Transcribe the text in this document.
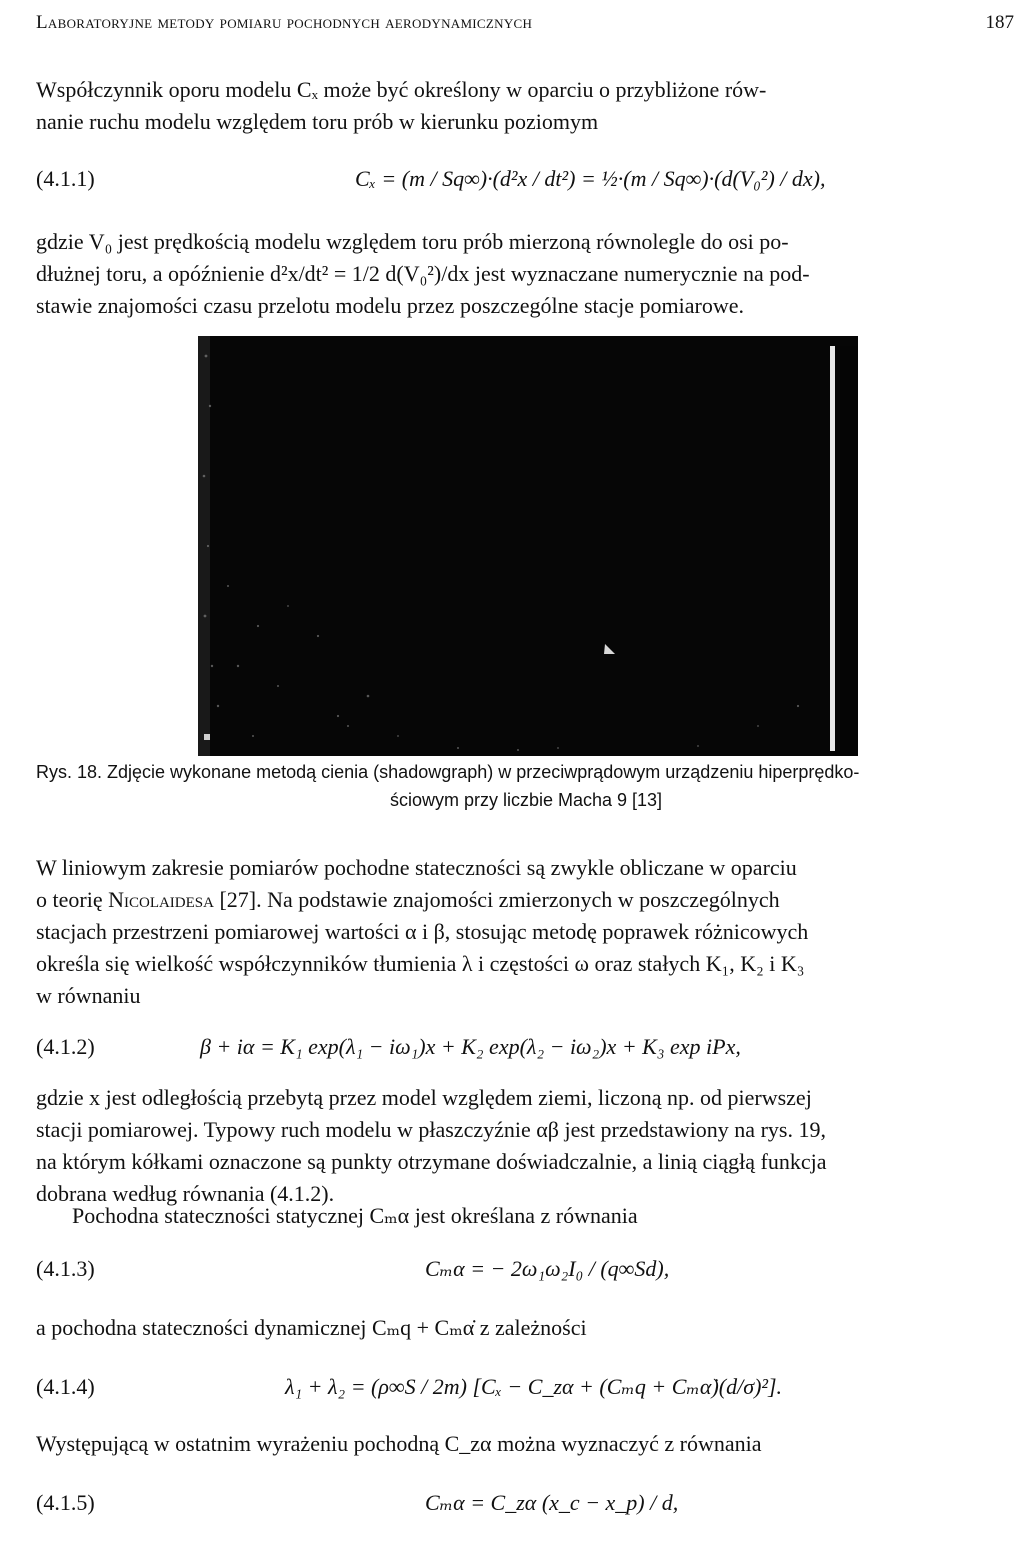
Laboratoryjne metody pomiaru pochodnych aerodynamicznych	187
Współczynnik oporu modelu Cₓ może być określony w oparciu o przybliżone rów-
nanie ruchu modelu względem toru prób w kierunku poziomym
(4.1.1)	Cₓ = (m / Sq∞)·(d²x / dt²) = ½·(m / Sq∞)·(d(V₀²) / dx),
gdzie V₀ jest prędkością modelu względem toru prób mierzoną równolegle do osi po-
dłużnej toru, a opóźnienie d²x/dt² = 1/2 d(V₀²)/dx jest wyznaczane numerycznie na pod-
stawie znajomości czasu przelotu modelu przez poszczególne stacje pomiarowe.
Rys. 18. Zdjęcie wykonane metodą cienia (shadowgraph) w przeciwprądowym urządzeniu hiperprędko-
ściowym przy liczbie Macha 9 [13]
W liniowym zakresie pomiarów pochodne stateczności są zwykle obliczane w oparciu
o teorię Nicolaidesa [27]. Na podstawie znajomości zmierzonych w poszczególnych
stacjach przestrzeni pomiarowej wartości α i β, stosując metodę poprawek różnicowych
określa się wielkość współczynników tłumienia λ i częstości ω oraz stałych K₁, K₂ i K₃
w równaniu
(4.1.2)	β + iα = K₁ exp(λ₁ − iω₁)x + K₂ exp(λ₂ − iω₂)x + K₃ exp iPx,
gdzie x jest odległością przebytą przez model względem ziemi, liczoną np. od pierwszej
stacji pomiarowej. Typowy ruch modelu w płaszczyźnie αβ jest przedstawiony na rys. 19,
na którym kółkami oznaczone są punkty otrzymane doświadczalnie, a linią ciągłą funkcja
dobrana według równania (4.1.2).
Pochodna stateczności statycznej Cₘα jest określana z równania
(4.1.3)	Cₘα = − 2ω₁ω₂I₀ / (q∞Sd),
a pochodna stateczności dynamicznej Cₘq + Cₘα̇ z zależności
(4.1.4)	λ₁ + λ₂ = (ρ∞S / 2m) [Cₓ − C_zα + (Cₘq + Cₘα̇)(d/σ)²].
Występującą w ostatnim wyrażeniu pochodną C_zα można wyznaczyć z równania
(4.1.5)	Cₘα = C_zα (x_c − x_p) / d,
